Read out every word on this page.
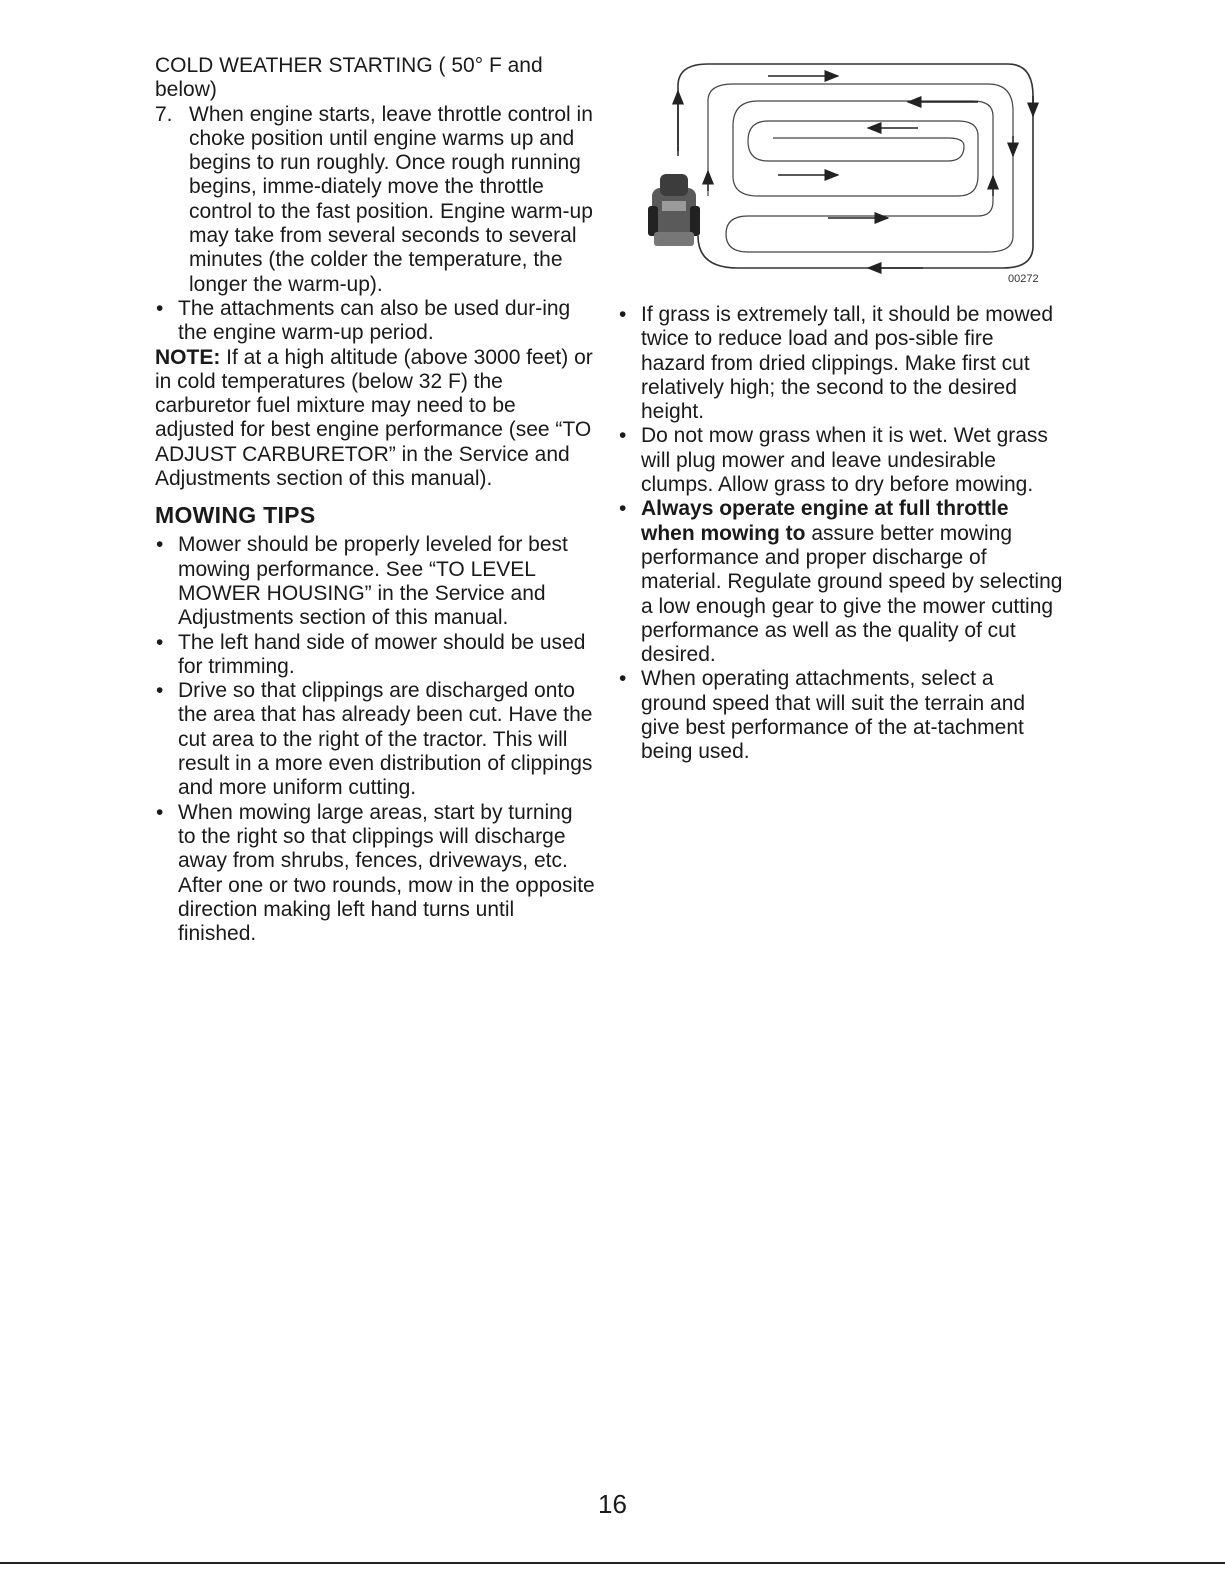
COLD WEATHER STARTING ( 50° F and below)

7. When engine starts, leave throttle control in choke position until engine warms up and begins to run roughly. Once rough running begins, imme-diately move the throttle control to the fast position. Engine warm-up may take from several seconds to several minutes (the colder the temperature, the longer the warm-up).
• The attachments can also be used dur-ing the engine warm-up period.

NOTE: If at a high altitude (above 3000 feet) or in cold temperatures (below 32 F) the carburetor fuel mixture may need to be adjusted for best engine performance (see “TO ADJUST CARBURETOR” in the Service and Adjustments section of this manual).

MOWING TIPS
• Mower should be properly leveled for best mowing performance. See “TO LEVEL MOWER HOUSING” in the Service and Adjustments section of this manual.
• The left hand side of mower should be used for trimming.
• Drive so that clippings are discharged onto the area that has already been cut. Have the cut area to the right of the tractor. This will result in a more even distribution of clippings and more uniform cutting.
• When mowing large areas, start by turning to the right so that clippings will discharge away from shrubs, fences, driveways, etc. After one or two rounds, mow in the opposite direction making left hand turns until finished.
00272
• If grass is extremely tall, it should be mowed twice to reduce load and pos-sible fire hazard from dried clippings. Make first cut relatively high; the second to the desired height.
• Do not mow grass when it is wet. Wet grass will plug mower and leave undesirable clumps. Allow grass to dry before mowing.
• Always operate engine at full throttle when mowing to assure better mowing performance and proper discharge of material. Regulate ground speed by selecting a low enough gear to give the mower cutting performance as well as the quality of cut desired.
• When operating attachments, select a ground speed that will suit the terrain and give best performance of the at-tachment being used.
16
